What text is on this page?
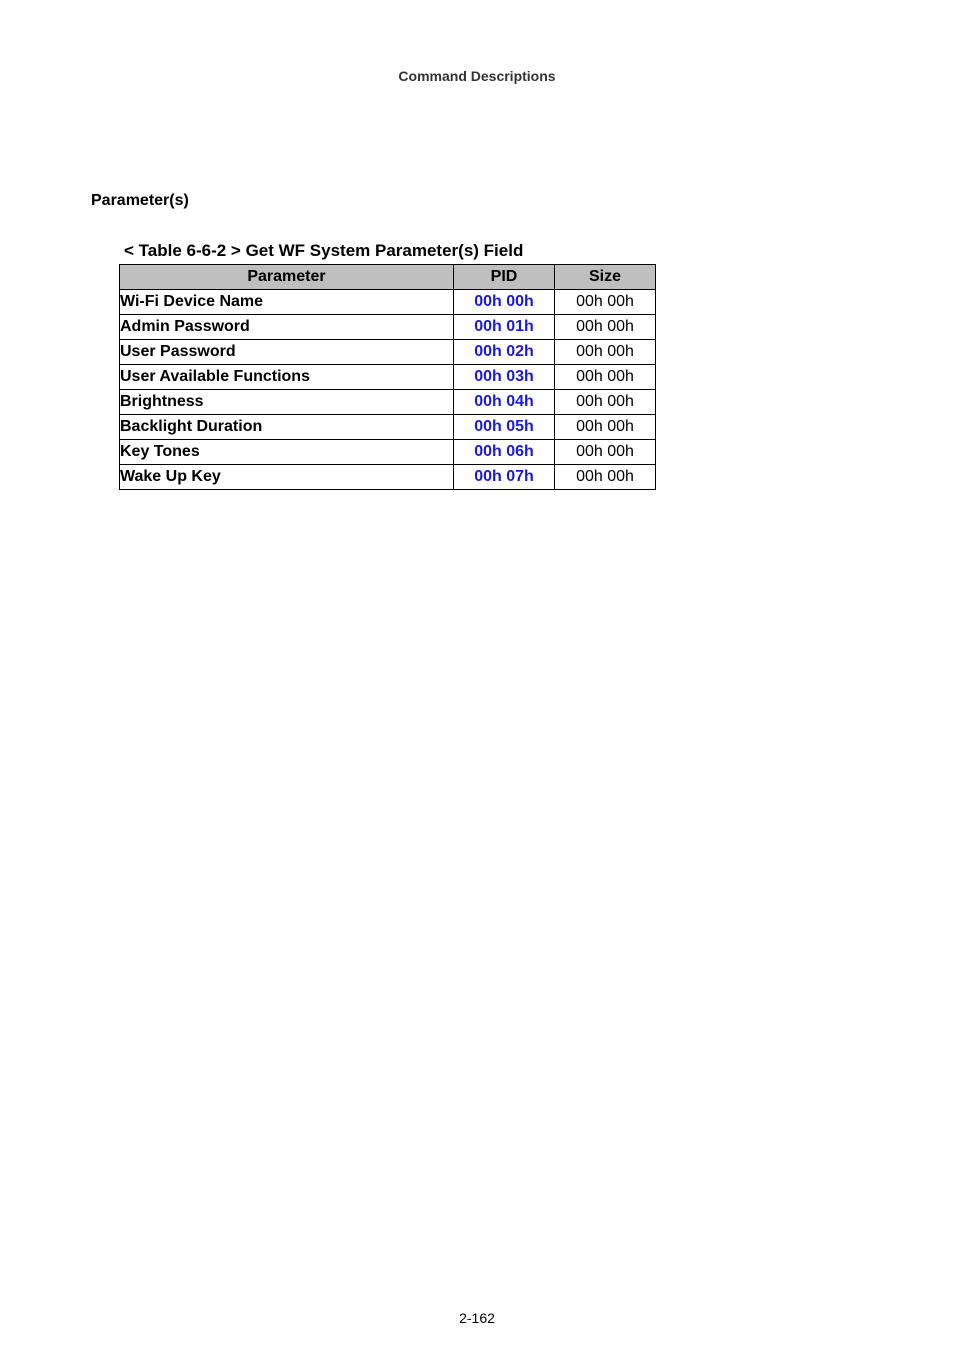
Command Descriptions
Parameter(s)
< Table 6-6-2 > Get WF System Parameter(s) Field
Parameter	PID	Size
Wi-Fi Device Name	00h 00h	00h 00h
Admin Password	00h 01h	00h 00h
User Password	00h 02h	00h 00h
User Available Functions	00h 03h	00h 00h
Brightness	00h 04h	00h 00h
Backlight Duration	00h 05h	00h 00h
Key Tones	00h 06h	00h 00h
Wake Up Key	00h 07h	00h 00h
2-162
